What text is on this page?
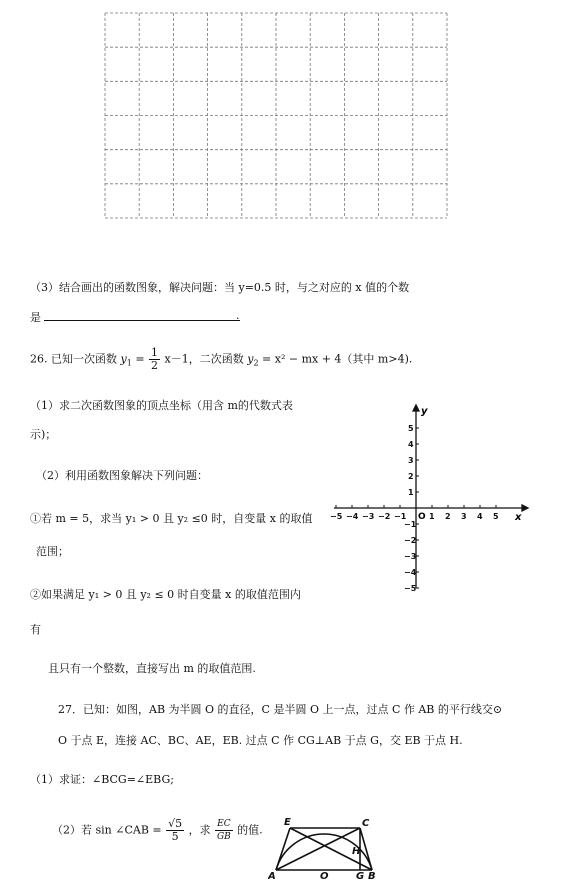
（3）结合画出的函数图象，解决问题：当 y=0.5 时，与之对应的 x 值的个数
是	.
26. 已知一次函数 $y_1 = \frac{1}{2} x-1$，二次函数 $y_2 = x^2$ − mx + 4（其中 m>4).
（1）求二次函数图象的顶点坐标（用含 m的代数式表
示)；
（2）利用函数图象解决下列问题：
①若 m = 5，求当 y₁ > 0 且 y₂ ≤0 时，自变量 x 的取值
范围；
②如果满足 y₁ > 0 且 y₂ ≤ 0 时自变量 x 的取值范围内
有
且只有一个整数，直接写出 m 的取值范围.
y
x
O
−5 −4 −3 −2 −1	1 2 3 4 5
5
4
3
2
1
−1
−2
−3
−4
−5
27．已知：如图，AB 为半圆 O 的直径，C 是半圆 O 上一点，过点 C 作 AB 的平行线交⊙
O 于点 E，连接 AC、BC、AE，EB. 过点 C 作 CG⊥AB 于点 G，交 EB 于点 H.
（1）求证：∠BCG=∠EBG;
（2）若 sin ∠CAB = $\frac{√5}{5}$ ，求 $\frac{EC}{GB}$ 的值.
E	C
H
A	O	G B
